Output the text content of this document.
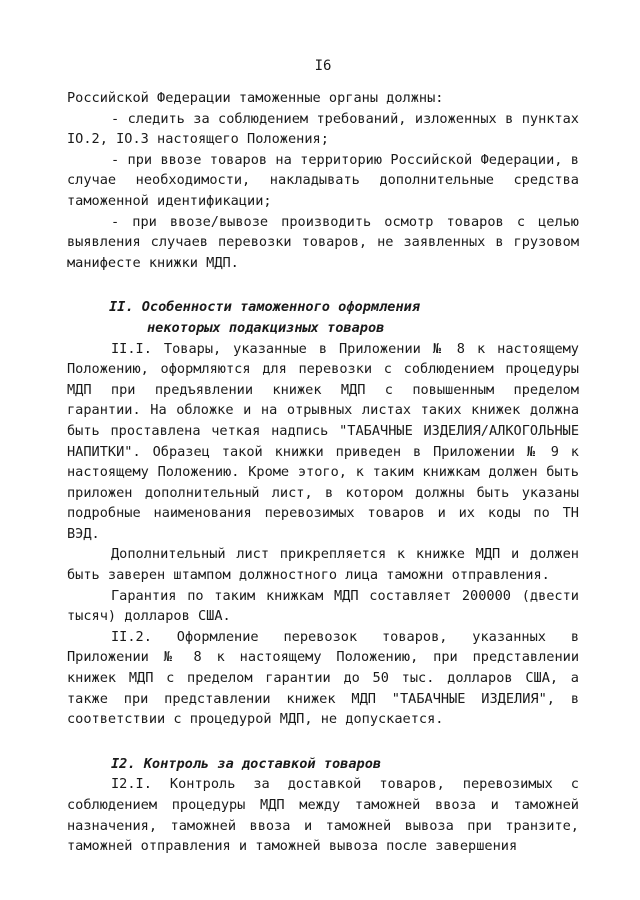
I6

Российской Федерации таможенные органы должны:

- следить за соблюдением требований, изложенных в пунктах IO.2, IO.3 настоящего Положения;

- при ввозе товаров на территорию Российской Федерации, в случае необходимости, накладывать дополнительные средства таможенной идентификации;

- при ввозе/вывозе производить осмотр товаров с целью выявления случаев перевозки товаров, не заявленных в грузовом манифесте книжки МДП.

II. Особенности таможенного оформления
некоторых подакцизных товаров

II.I. Товары, указанные в Приложении № 8 к настоящему Положению, оформляются для перевозки с соблюдением процедуры МДП при предъявлении книжек МДП с повышенным пределом гарантии. На обложке и на отрывных листах таких книжек должна быть проставлена четкая надпись "ТАБАЧНЫЕ ИЗДЕЛИЯ/АЛКОГОЛЬНЫЕ НАПИТКИ". Образец такой книжки приведен в Приложении № 9 к настоящему Положению. Кроме этого, к таким книжкам должен быть приложен дополнительный лист, в котором должны быть указаны подробные наименования перевозимых товаров и их коды по ТН ВЭД.

Дополнительный лист прикрепляется к книжке МДП и должен быть заверен штампом должностного лица таможни отправления.

Гарантия по таким книжкам МДП составляет 200000 (двести тысяч) долларов США.

II.2. Оформление перевозок товаров, указанных в Приложении № 8 к настоящему Положению, при представлении книжек МДП с пределом гарантии до 50 тыс. долларов США, а также при представлении книжек МДП "ТАБАЧНЫЕ ИЗДЕЛИЯ", в соответствии с процедурой МДП, не допускается.

I2. Контроль за доставкой товаров

I2.I. Контроль за доставкой товаров, перевозимых с соблюдением процедуры МДП между таможней ввоза и таможней назначения, таможней ввоза и таможней вывоза при транзите, таможней отправления и таможней вывоза после завершения
